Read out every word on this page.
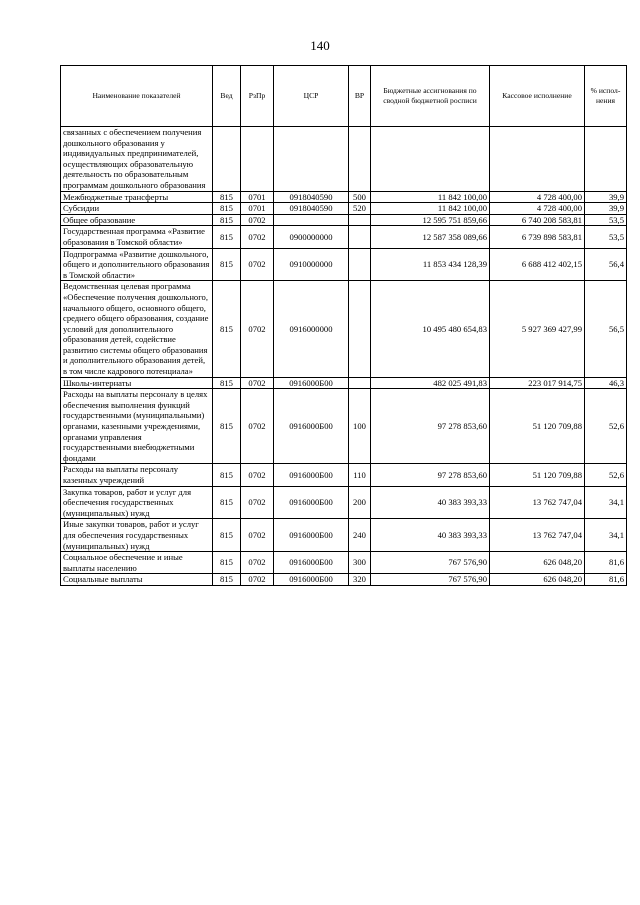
140
Наименование показателей	Вед	РзПр	ЦСР	ВР	Бюджетные ассигнования по сводной бюджетной росписи	Кассовое исполнение	% испол-нения
связанных с обеспечением получения дошкольного образования у индивидуальных предпринимателей, осуществляющих образовательную деятельность по образовательным программам дошкольного образования							
Межбюджетные трансферты	815	0701	0918040590	500	11 842 100,00	4 728 400,00	39,9
Субсидии	815	0701	0918040590	520	11 842 100,00	4 728 400,00	39,9
Общее образование	815	0702			12 595 751 859,66	6 740 208 583,81	53,5
Государственная программа «Развитие образования в Томской области»	815	0702	0900000000		12 587 358 089,66	6 739 898 583,81	53,5
Подпрограмма «Развитие дошкольного, общего и дополнительного образования в Томской области»	815	0702	0910000000		11 853 434 128,39	6 688 412 402,15	56,4
Ведомственная целевая программа «Обеспечение получения дошкольного, начального общего, основного общего, среднего общего образования, создание условий для дополнительного образования детей, содействие развитию системы общего образования и дополнительного образования детей, в том числе кадрового потенциала»	815	0702	0916000000		10 495 480 654,83	5 927 369 427,99	56,5
Школы-интернаты	815	0702	0916000Б00		482 025 491,83	223 017 914,75	46,3
Расходы на выплаты персоналу в целях обеспечения выполнения функций государственными (муниципальными) органами, казенными учреждениями, органами управления государственными внебюджетными фондами	815	0702	0916000Б00	100	97 278 853,60	51 120 709,88	52,6
Расходы на выплаты персоналу казенных учреждений	815	0702	0916000Б00	110	97 278 853,60	51 120 709,88	52,6
Закупка товаров, работ и услуг для обеспечения государственных (муниципальных) нужд	815	0702	0916000Б00	200	40 383 393,33	13 762 747,04	34,1
Иные закупки товаров, работ и услуг для обеспечения государственных (муниципальных) нужд	815	0702	0916000Б00	240	40 383 393,33	13 762 747,04	34,1
Социальное обеспечение и иные выплаты населению	815	0702	0916000Б00	300	767 576,90	626 048,20	81,6
Социальные выплаты	815	0702	0916000Б00	320	767 576,90	626 048,20	81,6
